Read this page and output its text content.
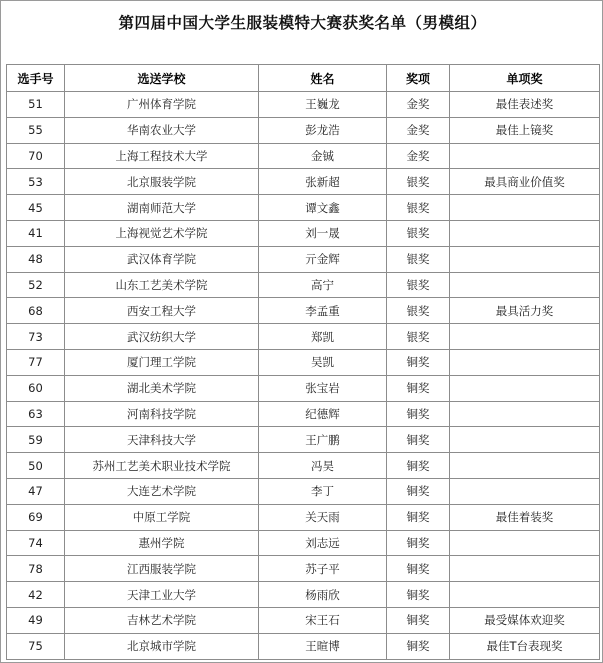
第四届中国大学生服装模特大赛获奖名单（男模组）
选手号	选送学校	姓名	奖项	单项奖
51	广州体育学院	王巍龙	金奖	最佳表述奖
55	华南农业大学	彭龙浩	金奖	最佳上镜奖
70	上海工程技术大学	金铖	金奖	
53	北京服装学院	张新超	银奖	最具商业价值奖
45	湖南师范大学	谭文鑫	银奖	
41	上海视觉艺术学院	刘一晟	银奖	
48	武汉体育学院	亓金辉	银奖	
52	山东工艺美术学院	高宁	银奖	
68	西安工程大学	李孟重	银奖	最具活力奖
73	武汉纺织大学	郑凯	银奖	
77	厦门理工学院	吴凯	铜奖	
60	湖北美术学院	张宝岩	铜奖	
63	河南科技学院	纪德辉	铜奖	
59	天津科技大学	王广鹏	铜奖	
50	苏州工艺美术职业技术学院	冯昊	铜奖	
47	大连艺术学院	李丁	铜奖	
69	中原工学院	关天雨	铜奖	最佳着装奖
74	惠州学院	刘志远	铜奖	
78	江西服装学院	苏子平	铜奖	
42	天津工业大学	杨雨欣	铜奖	
49	吉林艺术学院	宋王石	铜奖	最受媒体欢迎奖
75	北京城市学院	王暄博	铜奖	最佳T台表现奖
